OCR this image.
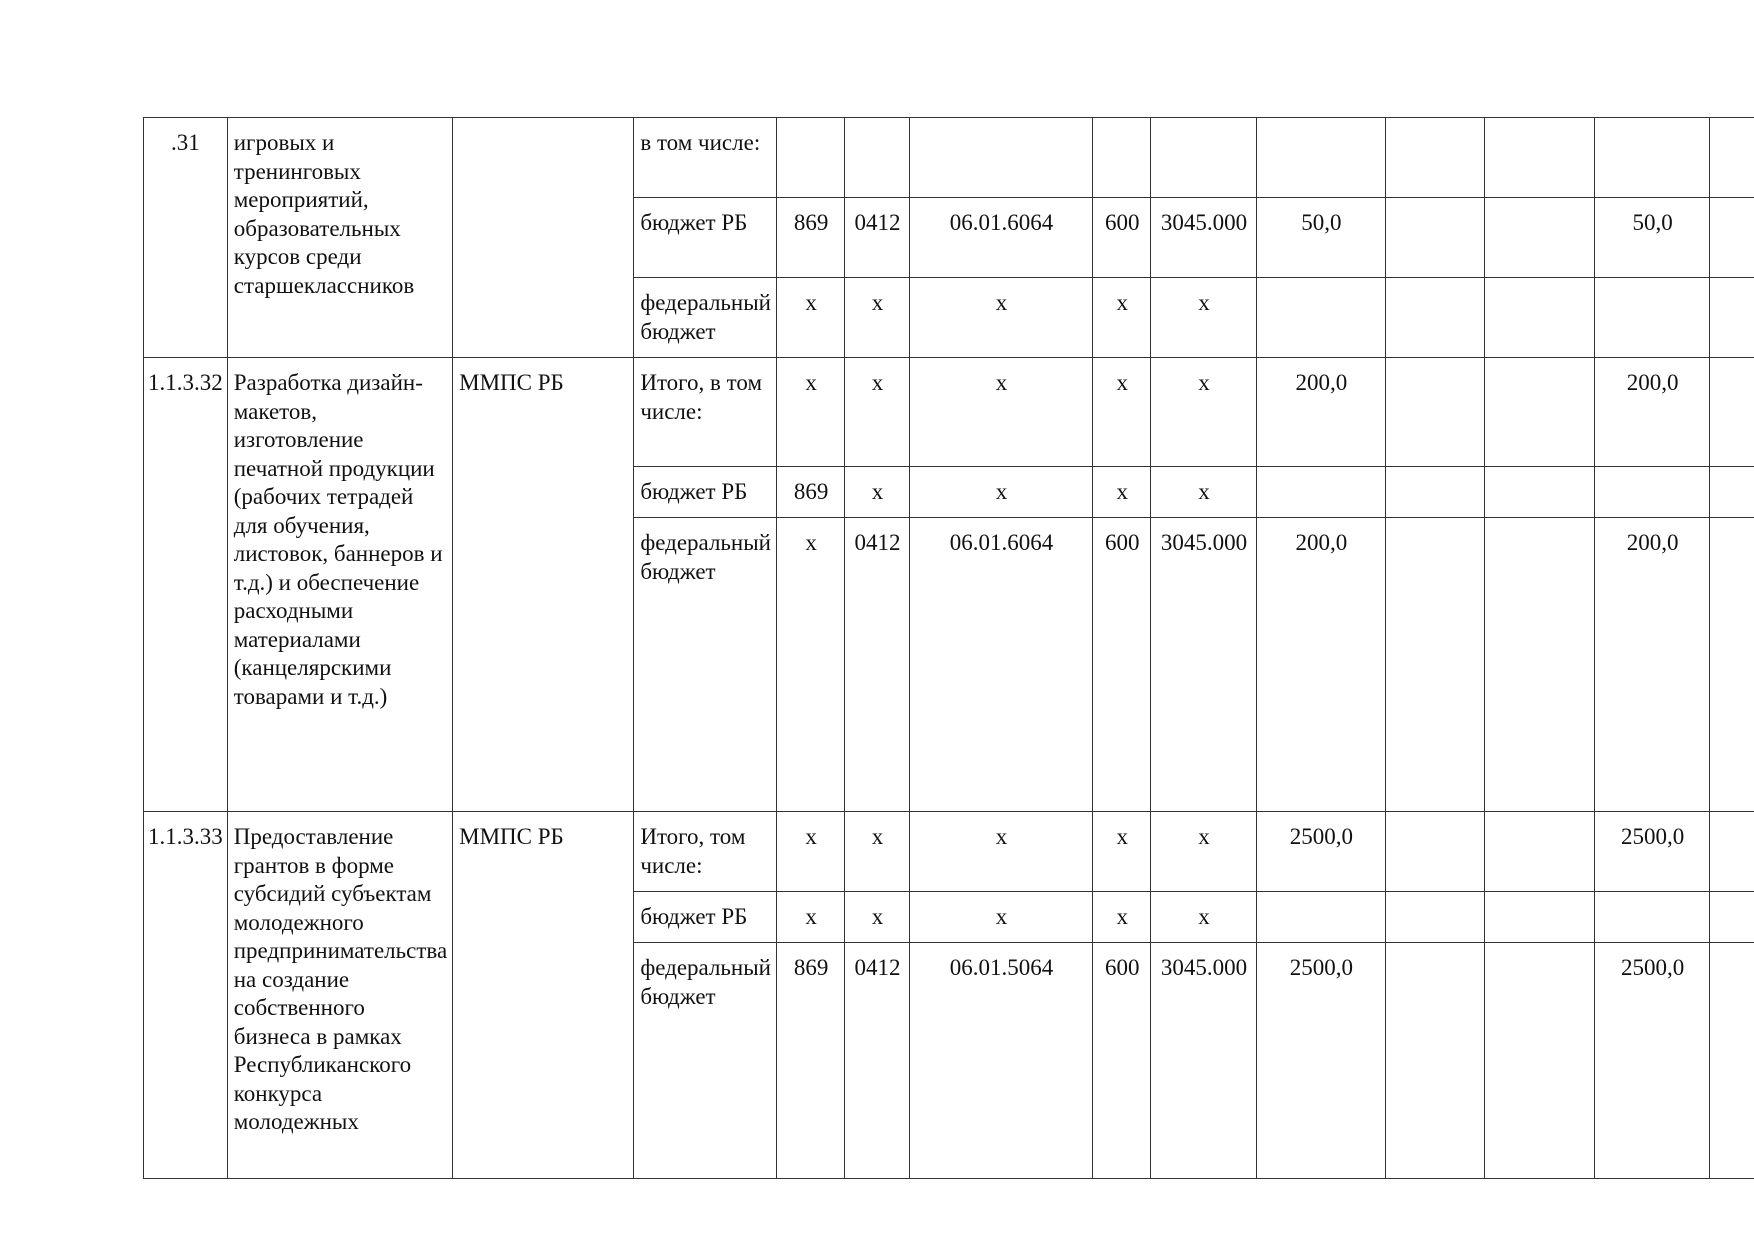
.31	игровых и тренинговых мероприятий, образовательных курсов среди старшеклассников		в том числе:										
			бюджет РБ	869	0412	06.01.6064	600	3045.000	50,0			50,0	
			федеральный бюджет	х	х	х	х	х					
1.1.3.32	Разработка дизайн-макетов, изготовление печатной продукции (рабочих тетрадей для обучения, листовок, баннеров и т.д.) и обеспечение расходными материалами (канцелярскими товарами и т.д.)	ММПС РБ	Итого, в том числе:	х	х	х	х	х	200,0			200,0	
			бюджет РБ	869	х	х	х	х					
			федеральный бюджет	х	0412	06.01.6064	600	3045.000	200,0			200,0	
1.1.3.33	Предоставление грантов в форме субсидий субъектам молодежного предпринимательства на создание собственного бизнеса в рамках Республиканского конкурса молодежных	ММПС РБ	Итого, том числе:	х	х	х	х	х	2500,0			2500,0	
			бюджет РБ	х	х	х	х	х					
			федеральный бюджет	869	0412	06.01.5064	600	3045.000	2500,0			2500,0	
